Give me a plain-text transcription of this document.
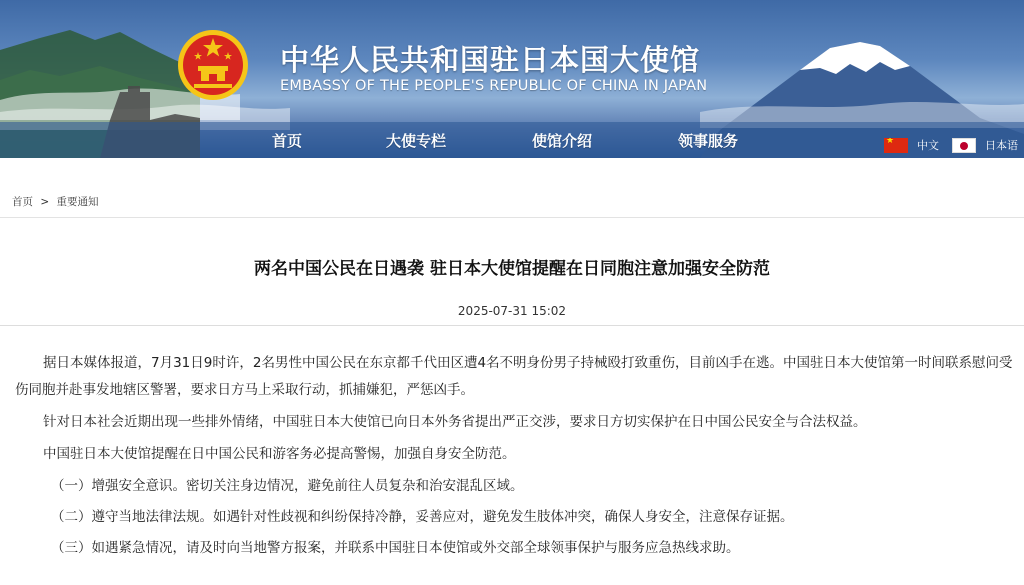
中华人民共和国驻日本国大使馆
EMBASSY OF THE PEOPLE'S REPUBLIC OF CHINA IN JAPAN
首页	大使专栏	使馆介绍	领事服务
★	中文	日本语
首页 > 重要通知
两名中国公民在日遇袭 驻日本大使馆提醒在日同胞注意加强安全防范
2025-07-31 15:02

据日本媒体报道，7月31日9时许，2名男性中国公民在东京都千代田区遭4名不明身份男子持械殴打致重伤，目前凶手在逃。中国驻日本大使馆第一时间联系慰问受伤同胞并赴事发地辖区警署，要求日方马上采取行动，抓捕嫌犯，严惩凶手。

针对日本社会近期出现一些排外情绪，中国驻日本大使馆已向日本外务省提出严正交涉，要求日方切实保护在日中国公民安全与合法权益。

中国驻日本大使馆提醒在日中国公民和游客务必提高警惕，加强自身安全防范。

（一）增强安全意识。密切关注身边情况，避免前往人员复杂和治安混乱区域。

（二）遵守当地法律法规。如遇针对性歧视和纠纷保持冷静，妥善应对，避免发生肢体冲突，确保人身安全，注意保存证据。

（三）如遇紧急情况，请及时向当地警方报案，并联系中国驻日本使馆或外交部全球领事保护与服务应急热线求助。
